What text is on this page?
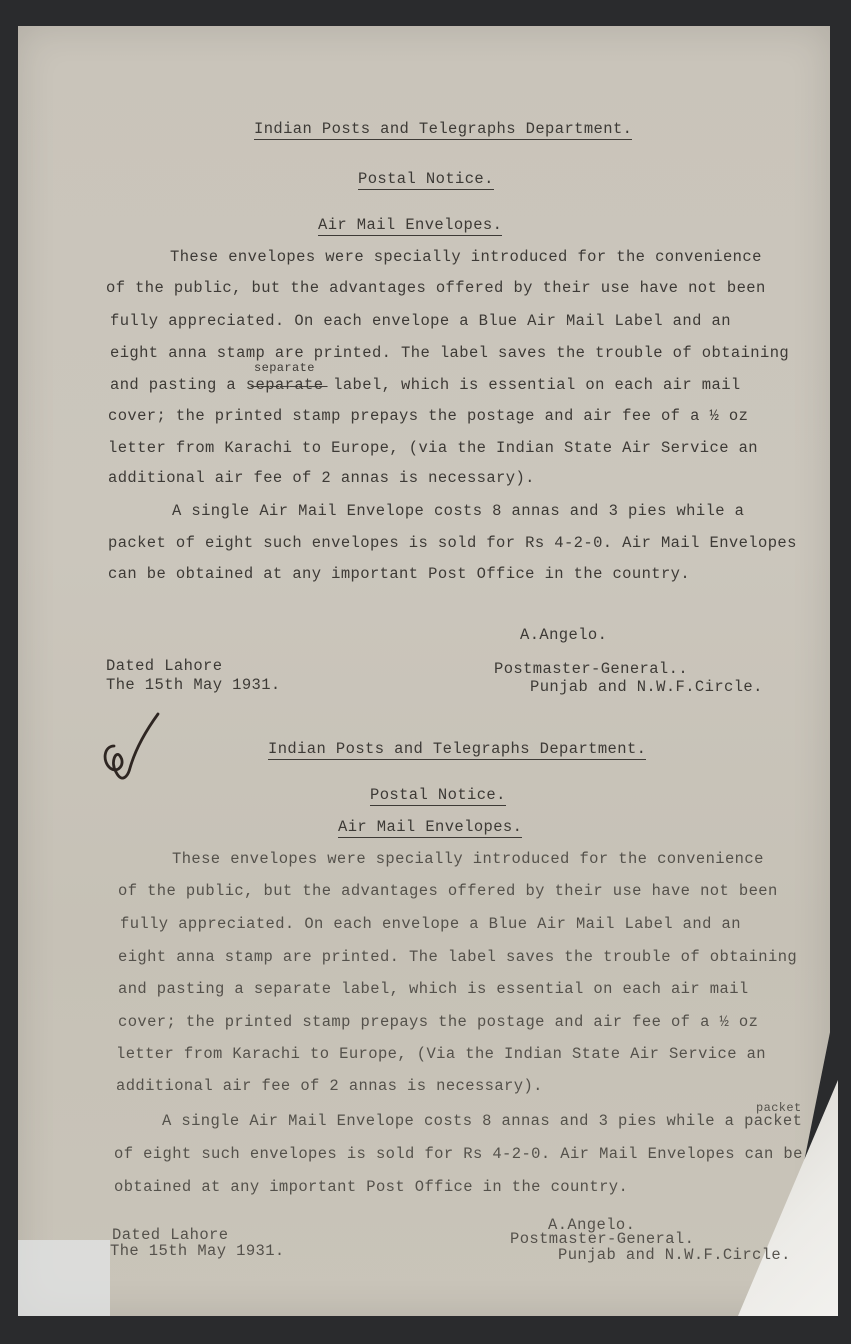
Indian Posts and Telegraphs Department.
Postal Notice.
Air Mail Envelopes.
These envelopes were specially introduced for the convenience
of the public, but the advantages offered by their use have not been
fully appreciated. On each envelope a Blue Air Mail Label and an
eight anna stamp are printed. The label saves the trouble of obtaining
separate
and pasting a s̶e̶p̶a̶r̶a̶t̶e̶ label, which is essential on each air mail
cover; the printed stamp prepays the postage and air fee of a ½ oz
letter from Karachi to Europe, (via the Indian State Air Service an
additional air fee of 2 annas is necessary).
A single Air Mail Envelope costs 8 annas and 3 pies while a
packet of eight such envelopes is sold for Rs 4-2-0. Air Mail Envelopes
can be obtained at any important Post Office in the country.
A.Angelo.
Dated Lahore	Postmaster-General..
The 15th May 1931.	Punjab and N.W.F.Circle.
Indian Posts and Telegraphs Department.
Postal Notice.
Air Mail Envelopes.
These envelopes were specially introduced for the convenience
of the public, but the advantages offered by their use have not been
fully appreciated. On each envelope a Blue Air Mail Label and an
eight anna stamp are printed. The label saves the trouble of obtaining
and pasting a separate label, which is essential on each air mail
cover; the printed stamp prepays the postage and air fee of a ½ oz
letter from Karachi to Europe, (Via the Indian State Air Service an
additional air fee of 2 annas is necessary).
packet
A single Air Mail Envelope costs 8 annas and 3 pies while a packet
of eight such envelopes is sold for Rs 4-2-0. Air Mail Envelopes can be
obtained at any important Post Office in the country.
A.Angelo.
Dated Lahore	Postmaster-General.
The 15th May 1931.	Punjab and N.W.F.Circle.
